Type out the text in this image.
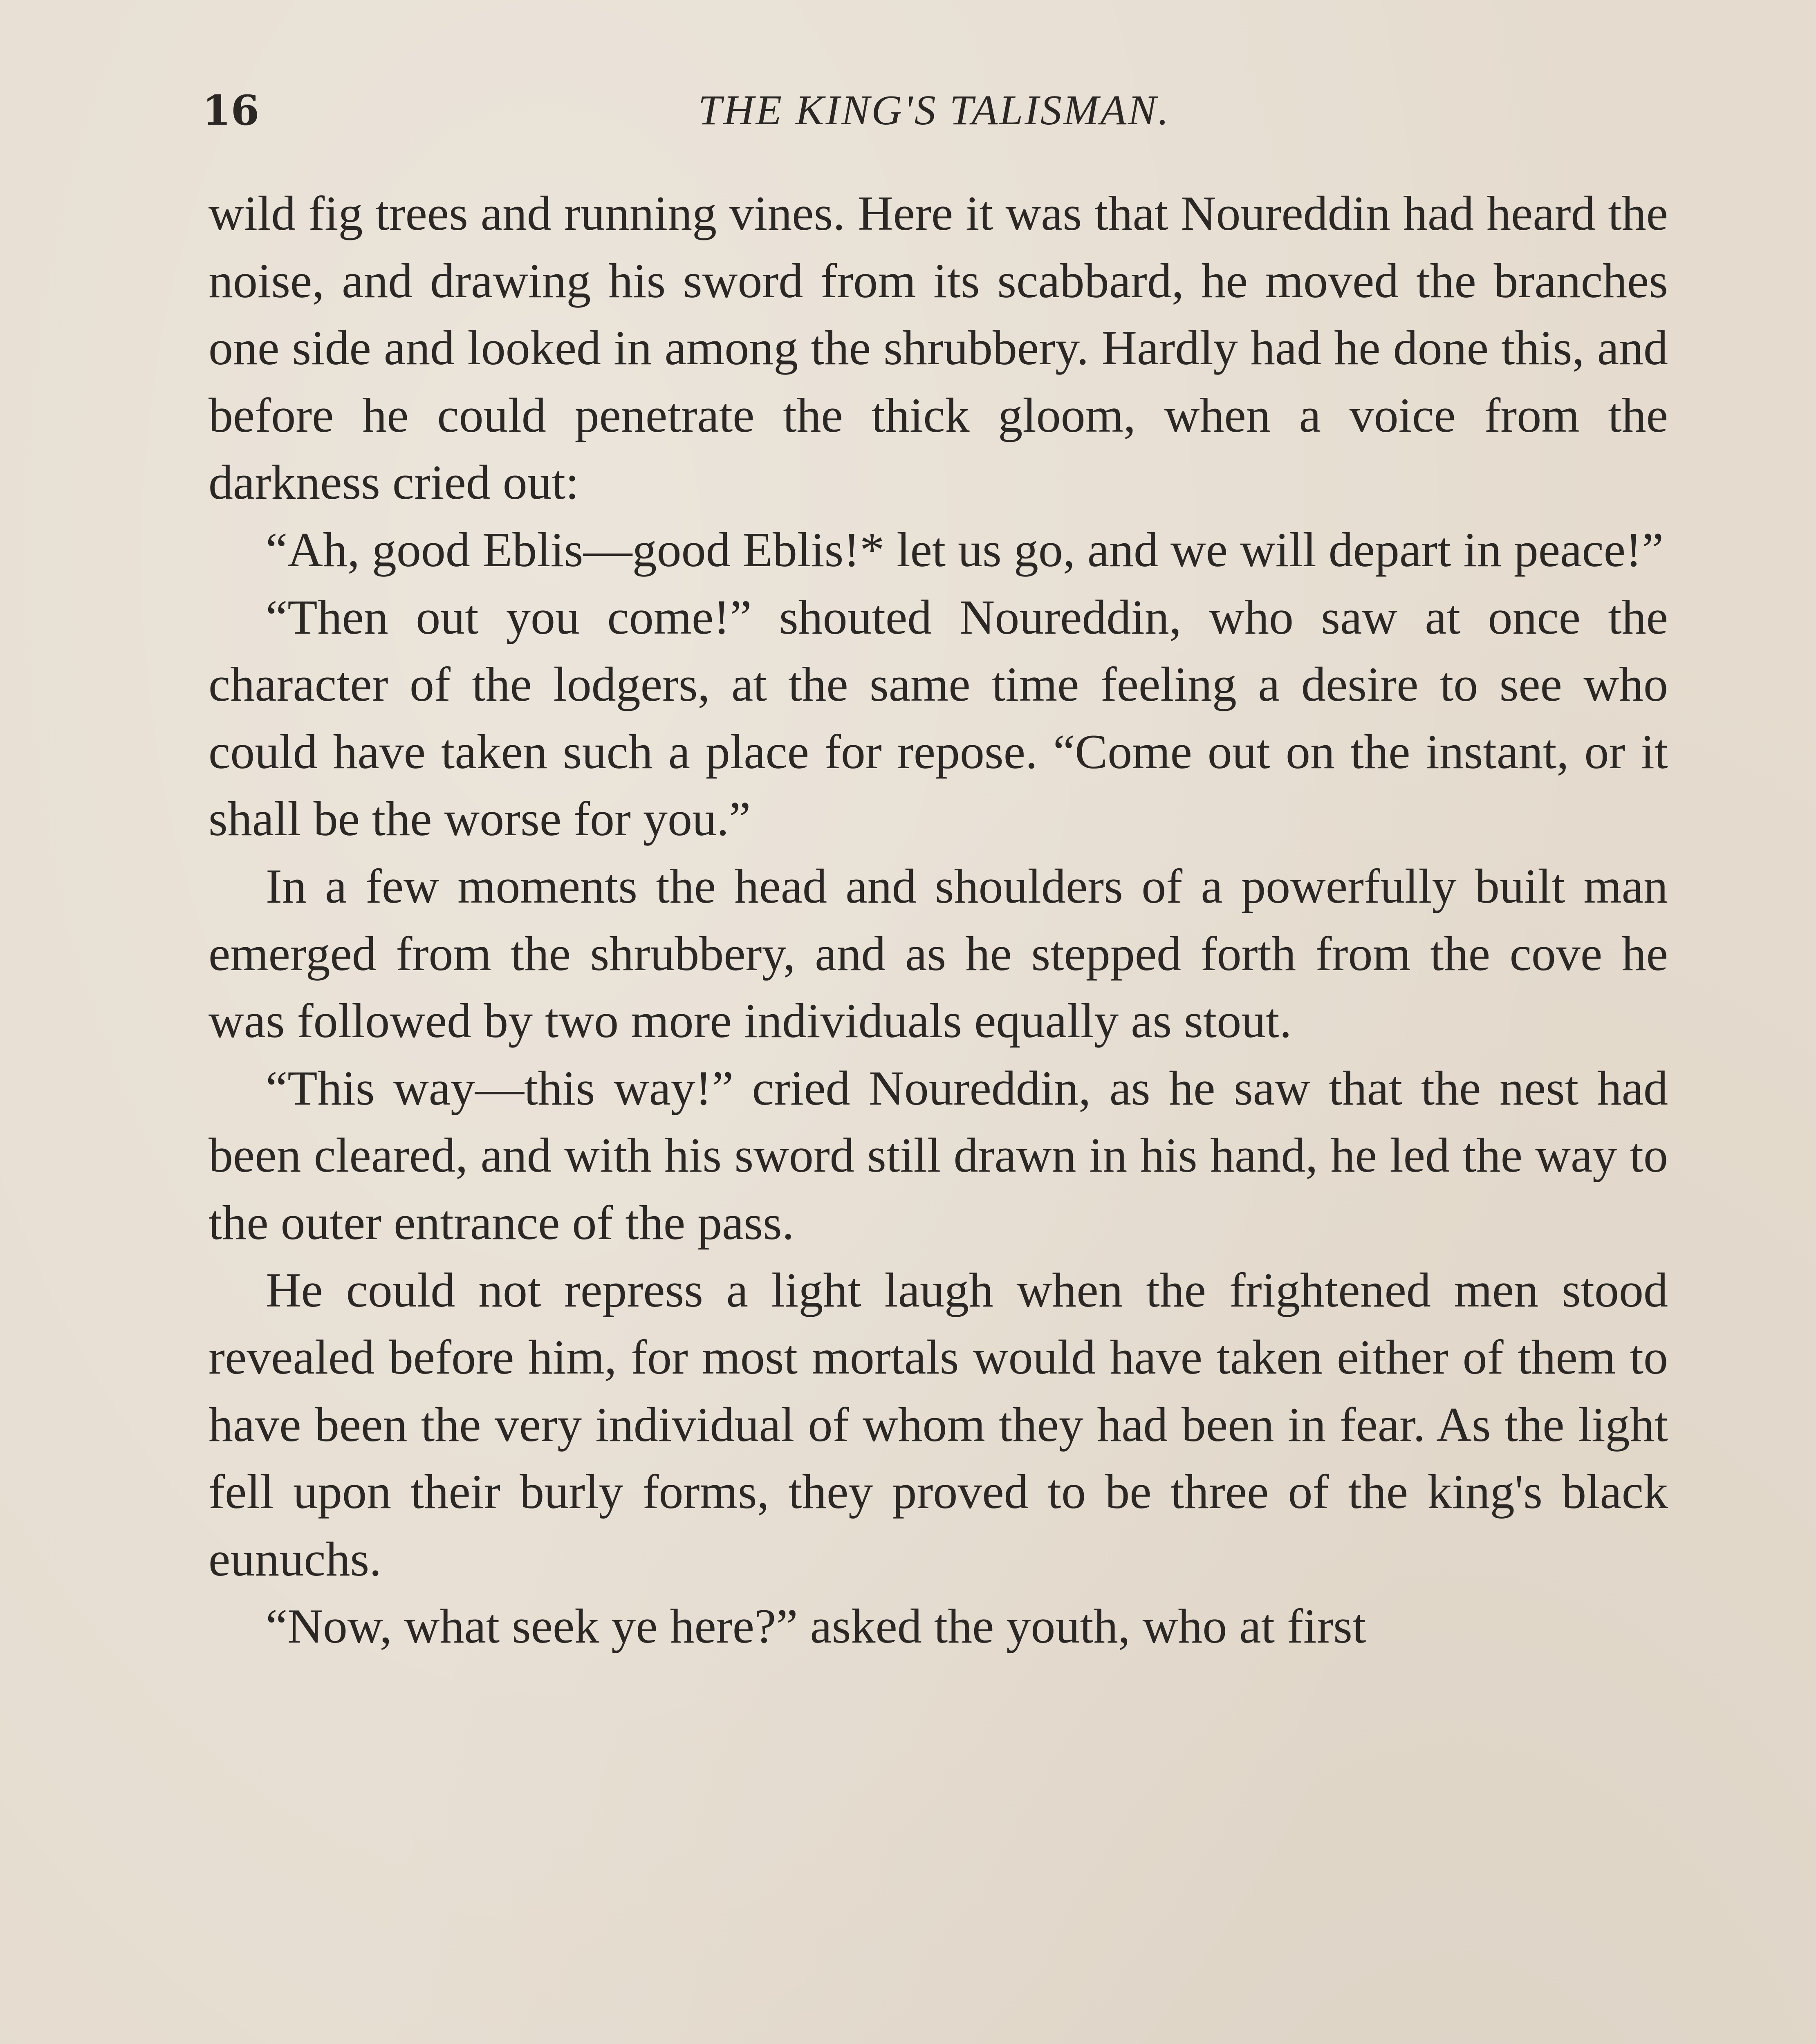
16	THE KING'S TALISMAN.

wild fig trees and running vines. Here it was that Noureddin had heard the noise, and drawing his sword from its scabbard, he moved the branches one side and looked in among the shrubbery. Hardly had he done this, and before he could penetrate the thick gloom, when a voice from the darkness cried out:

“Ah, good Eblis—good Eblis!* let us go, and we will depart in peace!”

“Then out you come!” shouted Noureddin, who saw at once the character of the lodgers, at the same time feeling a desire to see who could have taken such a place for repose. “Come out on the instant, or it shall be the worse for you.”

In a few moments the head and shoulders of a powerfully built man emerged from the shrubbery, and as he stepped forth from the cove he was followed by two more individuals equally as stout.

“This way—this way!” cried Noureddin, as he saw that the nest had been cleared, and with his sword still drawn in his hand, he led the way to the outer entrance of the pass.

He could not repress a light laugh when the frightened men stood revealed before him, for most mortals would have taken either of them to have been the very individual of whom they had been in fear. As the light fell upon their burly forms, they proved to be three of the king's black eunuchs.

“Now, what seek ye here?” asked the youth, who at first
